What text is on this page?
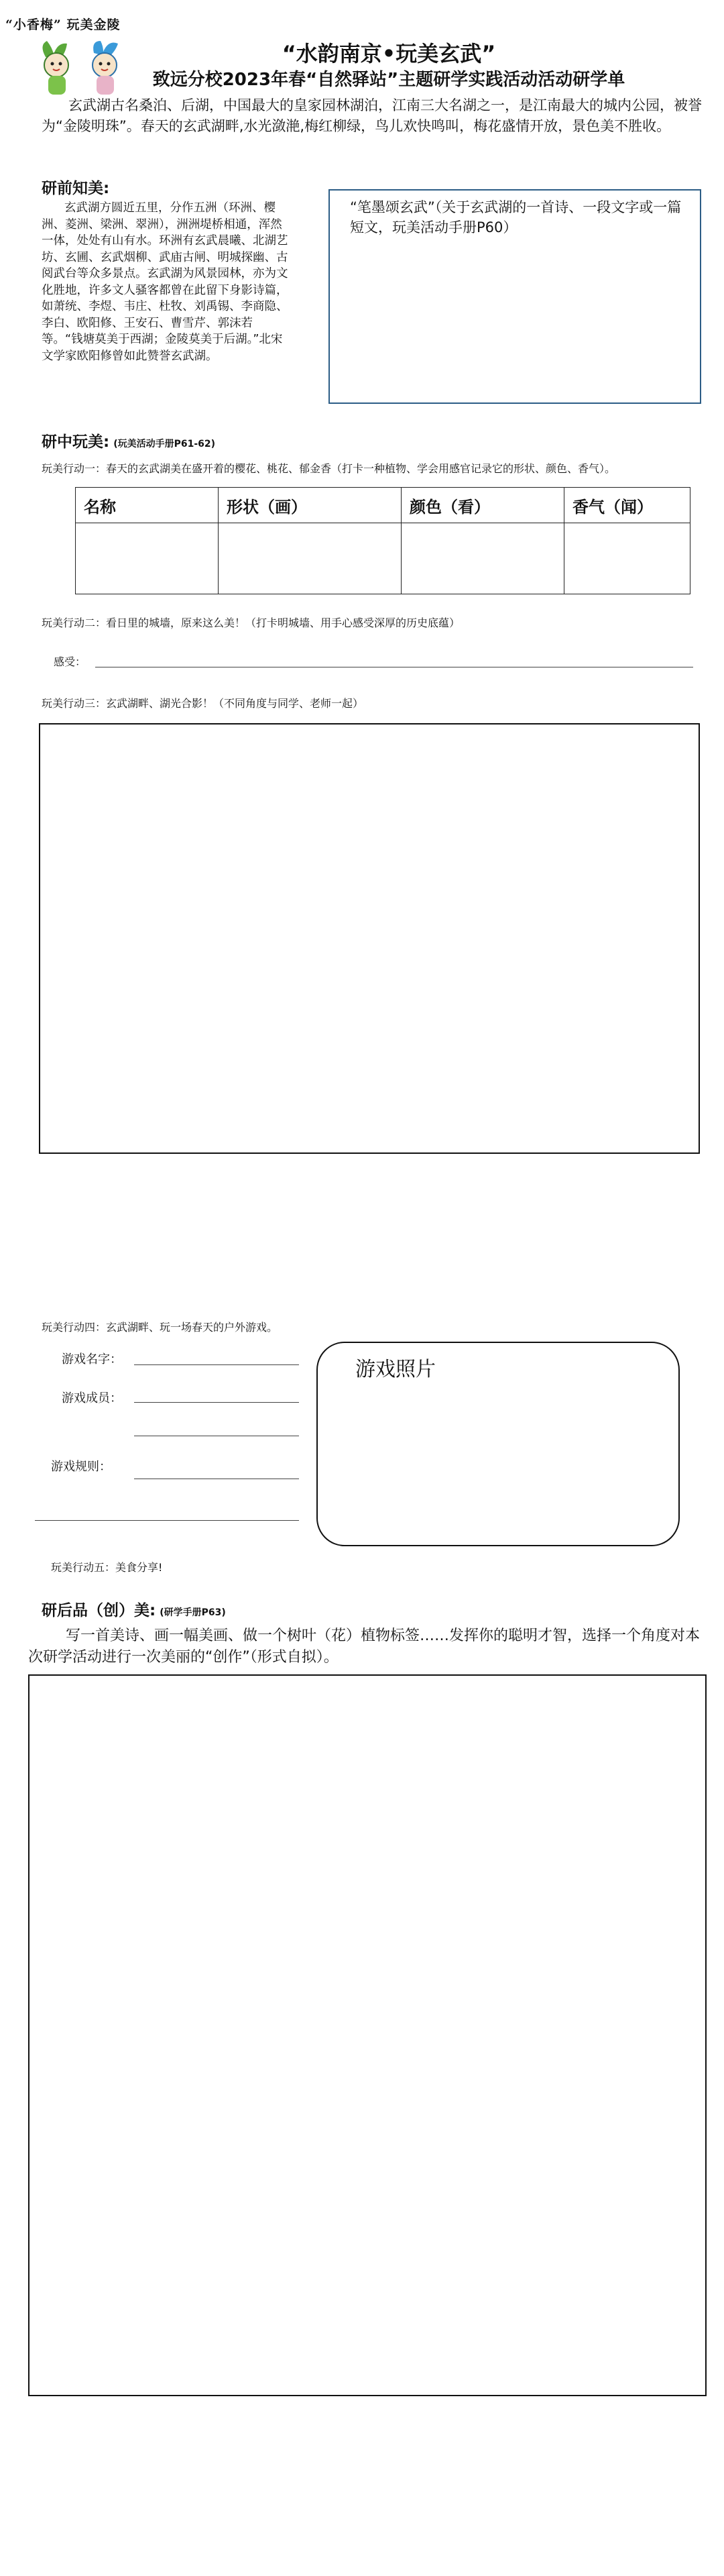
“小香梅” 玩美金陵
“水韵南京•玩美玄武”
致远分校2023年春“自然驿站”主题研学实践活动活动研学单
玄武湖古名桑泊、后湖，中国最大的皇家园林湖泊，江南三大名湖之一，是江南最大的城内公园，被誉为“金陵明珠”。春天的玄武湖畔,水光潋滟,梅红柳绿，鸟儿欢快鸣叫，梅花盛情开放，景色美不胜收。
研前知美:
玄武湖方圆近五里，分作五洲（环洲、樱洲、菱洲、梁洲、翠洲），洲洲堤桥相通，浑然一体，处处有山有水。环洲有玄武晨曦、北湖艺坊、玄圃、玄武烟柳、武庙古闸、明城探幽、古阅武台等众多景点。玄武湖为风景园林，亦为文化胜地，许多文人骚客都曾在此留下身影诗篇，如萧统、李煜、韦庄、杜牧、刘禹锡、李商隐、李白、欧阳修、王安石、曹雪芹、郭沫若等。“钱塘莫美于西湖；金陵莫美于后湖。”北宋文学家欧阳修曾如此赞誉玄武湖。
“笔墨颂玄武”（关于玄武湖的一首诗、一段文字或一篇短文，玩美活动手册P60）
研中玩美: (玩美活动手册P61-62)
玩美行动一：春天的玄武湖美在盛开着的樱花、桃花、郁金香（打卡一种植物、学会用感官记录它的形状、颜色、香气）。
名称	形状（画）	颜色（看）	香气（闻）

玩美行动二：看日里的城墙，原来这么美！（打卡明城墙、用手心感受深厚的历史底蕴）
感受：
玩美行动三：玄武湖畔、湖光合影！（不同角度与同学、老师一起）
玩美行动四：玄武湖畔、玩一场春天的户外游戏。
游戏名字：
游戏成员：
游戏规则：
游戏照片
玩美行动五：美食分享!
研后品（创）美: (研学手册P63)
写一首美诗、画一幅美画、做一个树叶（花）植物标签……发挥你的聪明才智，选择一个角度对本次研学活动进行一次美丽的“创作”（形式自拟）。
